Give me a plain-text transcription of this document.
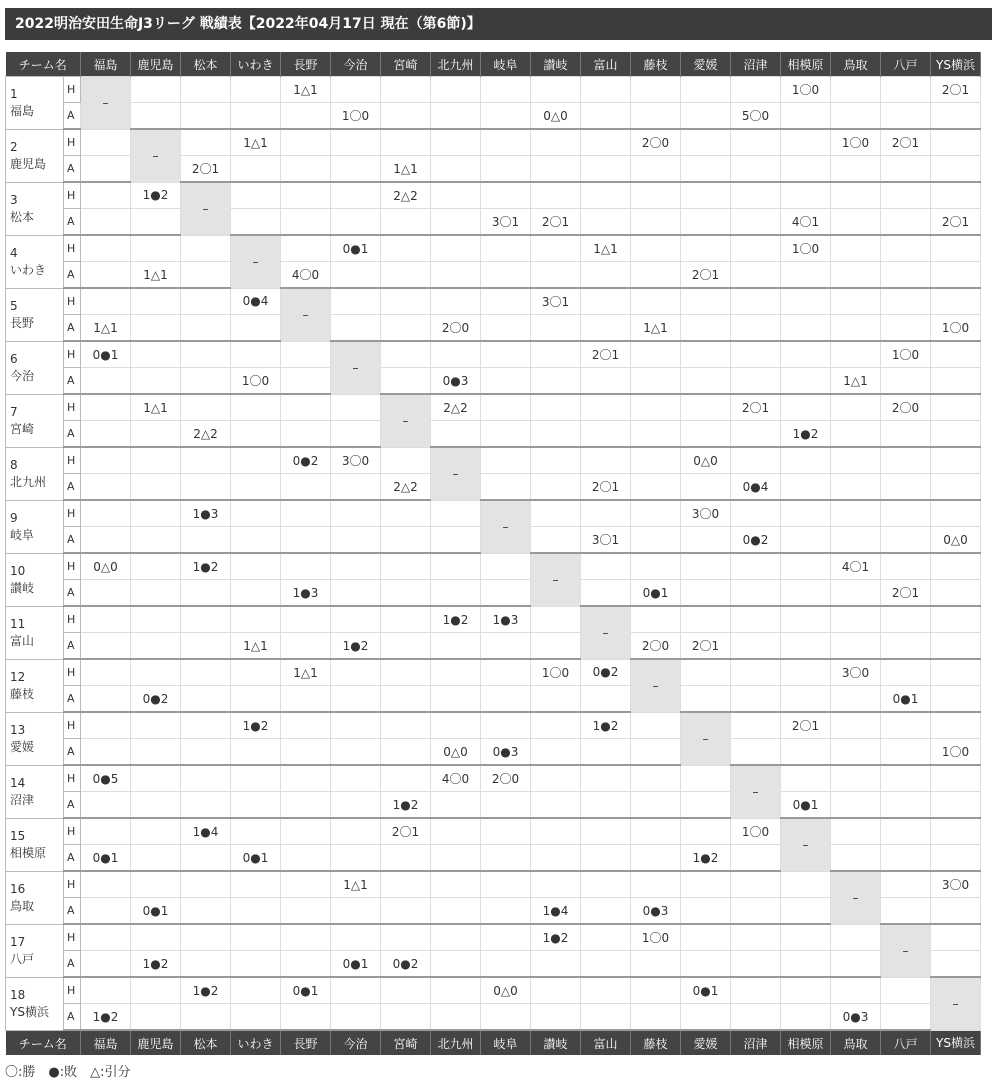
2022明治安田生命J3リーグ 戦績表【2022年04月17日 現在（第6節)】
チーム名		福島	鹿児島	松本	いわき	長野	今治	宮崎	北九州	岐阜	讃岐	富山	藤枝	愛媛	沼津	相模原	鳥取	八戸	YS横浜

1
福島	H	–				1△1										1〇0			2〇1
	A						1〇0				0△0				5〇0				

2
鹿児島	H		–		1△1								2〇0				1〇0	2〇1	
	A			2〇1				1△1											

3
松本	H		1●2	–				2△2											
	A									3〇1	2〇1					4〇1			2〇1

4
いわき	H				–		0●1					1△1				1〇0			
	A		1△1			4〇0								2〇1					

5
長野	H				0●4	–					3〇1								
	A	1△1							2〇0				1△1						1〇0

6
今治	H	0●1					–					2〇1						1〇0	
	A				1〇0				0●3								1△1		

7
宮崎	H		1△1					–	2△2						2〇1			2〇0	
	A			2△2												1●2			

8
北九州	H					0●2	3〇0		–					0△0					
	A							2△2				2〇1			0●4				

9
岐阜	H			1●3						–				3〇0					
	A											3〇1			0●2				0△0

10
讃岐	H	0△0		1●2							–						4〇1		
	A					1●3							0●1					2〇1	

11
富山	H								1●2	1●3		–							
	A				1△1		1●2						2〇0	2〇1					

12
藤枝	H					1△1					1〇0	0●2	–				3〇0		
	A		0●2															0●1	

13
愛媛	H				1●2							1●2		–		2〇1			
	A								0△0	0●3									1〇0

14
沼津	H	0●5							4〇0	2〇0					–				
	A							1●2								0●1			

15
相模原	H			1●4				2〇1							1〇0	–			
	A	0●1			0●1									1●2					

16
鳥取	H						1△1										–		3〇0
	A		0●1								1●4		0●3						

17
八戸	H										1●2		1〇0					–	
	A		1●2				0●1	0●2											

18
YS横浜	H			1●2		0●1				0△0				0●1					–
	A	1●2															0●3		
チーム名		福島	鹿児島	松本	いわき	長野	今治	宮崎	北九州	岐阜	讃岐	富山	藤枝	愛媛	沼津	相模原	鳥取	八戸	YS横浜
〇:勝　●:敗　△:引分
